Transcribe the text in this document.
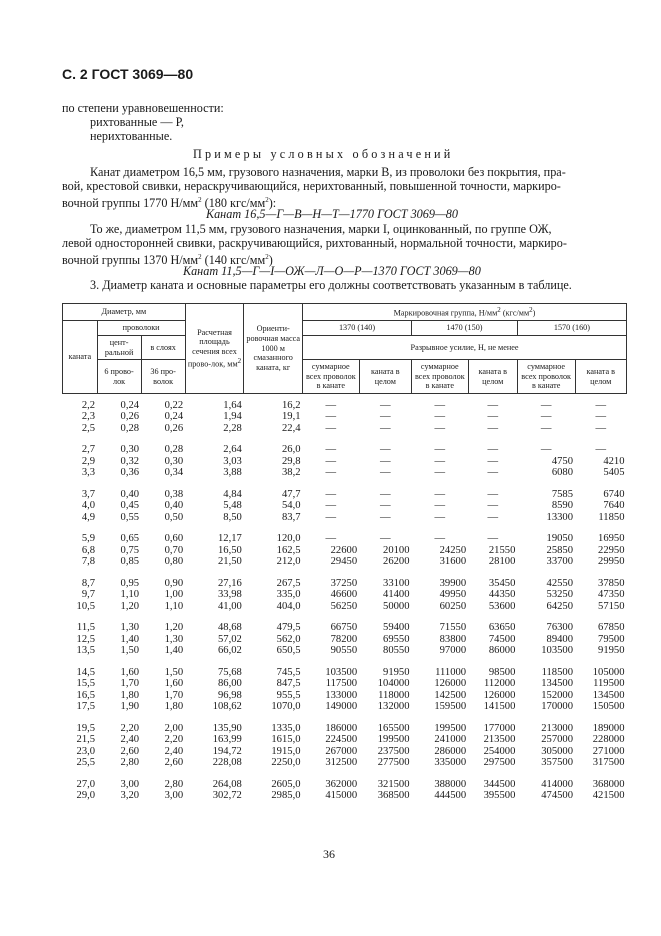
С. 2 ГОСТ 3069—80
по степени уравновешенности:
рихтованные — Р,
нерихтованные.
Примеры условных обозначений
Канат диаметром 16,5 мм, грузового назначения, марки В, из проволоки без покрытия, пра-
вой, крестовой свивки, нераскручивающийся, нерихтованный, повышенной точности, маркиро-
вочной группы 1770 $Н/мм^2$ (180 кгс/$мм^2$):
Канат 16,5—Г—В—Н—Т—1770 ГОСТ 3069—80
То же, диаметром 11,5 мм, грузового назначения, марки I, оцинкованный, по группе ОЖ,
левой односторонней свивки, раскручивающийся, рихтованный, нормальной точности, маркиро-
вочной группы 1370 $Н/мм^2$ (140 кгс/$мм^2$)
Канат 11,5—Г—I—ОЖ—Л—О—Р—1370 ГОСТ 3069—80
3. Диаметр каната и основные параметры его должны соответствовать указанным в таблице.
Диаметр, мм			Расчетная площадь сечения всех прово-лок, $мм^2$	Ориенти-ровочная масса 1000 м смазанного каната, кг	Маркировочная группа, $Н/мм^2$ $(кгс/мм^2)$					
каната	проволоки				1370 (140)		1470 (150)		1570 (160)	
	цент-ральной	в слоях			Разрывное усилие, Н, не менее					
	6 прово-лок	36 про-волок			суммарное всех проволок в канате	каната в целом	суммарное всех проволок в канате	каната в целом	суммарное всех проволок в канате	каната в целом
2,2	0,24	0,22	1,64	16,2	—	—	—	—	—	—
2,3	0,26	0,24	1,94	19,1	—	—	—	—	—	—
2,5	0,28	0,26	2,28	22,4	—	—	—	—	—	—

2,7	0,30	0,28	2,64	26,0	—	—	—	—	—	—
2,9	0,32	0,30	3,03	29,8	—	—	—	—	4750	4210
3,3	0,36	0,34	3,88	38,2	—	—	—	—	6080	5405

3,7	0,40	0,38	4,84	47,7	—	—	—	—	7585	6740
4,0	0,45	0,40	5,48	54,0	—	—	—	—	8590	7640
4,9	0,55	0,50	8,50	83,7	—	—	—	—	13300	11850

5,9	0,65	0,60	12,17	120,0	—	—	—	—	19050	16950
6,8	0,75	0,70	16,50	162,5	22600	20100	24250	21550	25850	22950
7,8	0,85	0,80	21,50	212,0	29450	26200	31600	28100	33700	29950

8,7	0,95	0,90	27,16	267,5	37250	33100	39900	35450	42550	37850
9,7	1,10	1,00	33,98	335,0	46600	41400	49950	44350	53250	47350
10,5	1,20	1,10	41,00	404,0	56250	50000	60250	53600	64250	57150

11,5	1,30	1,20	48,68	479,5	66750	59400	71550	63650	76300	67850
12,5	1,40	1,30	57,02	562,0	78200	69550	83800	74500	89400	79500
13,5	1,50	1,40	66,02	650,5	90550	80550	97000	86000	103500	91950

14,5	1,60	1,50	75,68	745,5	103500	91950	111000	98500	118500	105000
15,5	1,70	1,60	86,00	847,5	117500	104000	126000	112000	134500	119500
16,5	1,80	1,70	96,98	955,5	133000	118000	142500	126000	152000	134500
17,5	1,90	1,80	108,62	1070,0	149000	132000	159500	141500	170000	150500

19,5	2,20	2,00	135,90	1335,0	186000	165500	199500	177000	213000	189000
21,5	2,40	2,20	163,99	1615,0	224500	199500	241000	213500	257000	228000
23,0	2,60	2,40	194,72	1915,0	267000	237500	286000	254000	305000	271000
25,5	2,80	2,60	228,08	2250,0	312500	277500	335000	297500	357500	317500

27,0	3,00	2,80	264,08	2605,0	362000	321500	388000	344500	414000	368000
29,0	3,20	3,00	302,72	2985,0	415000	368500	444500	395500	474500	421500
36
